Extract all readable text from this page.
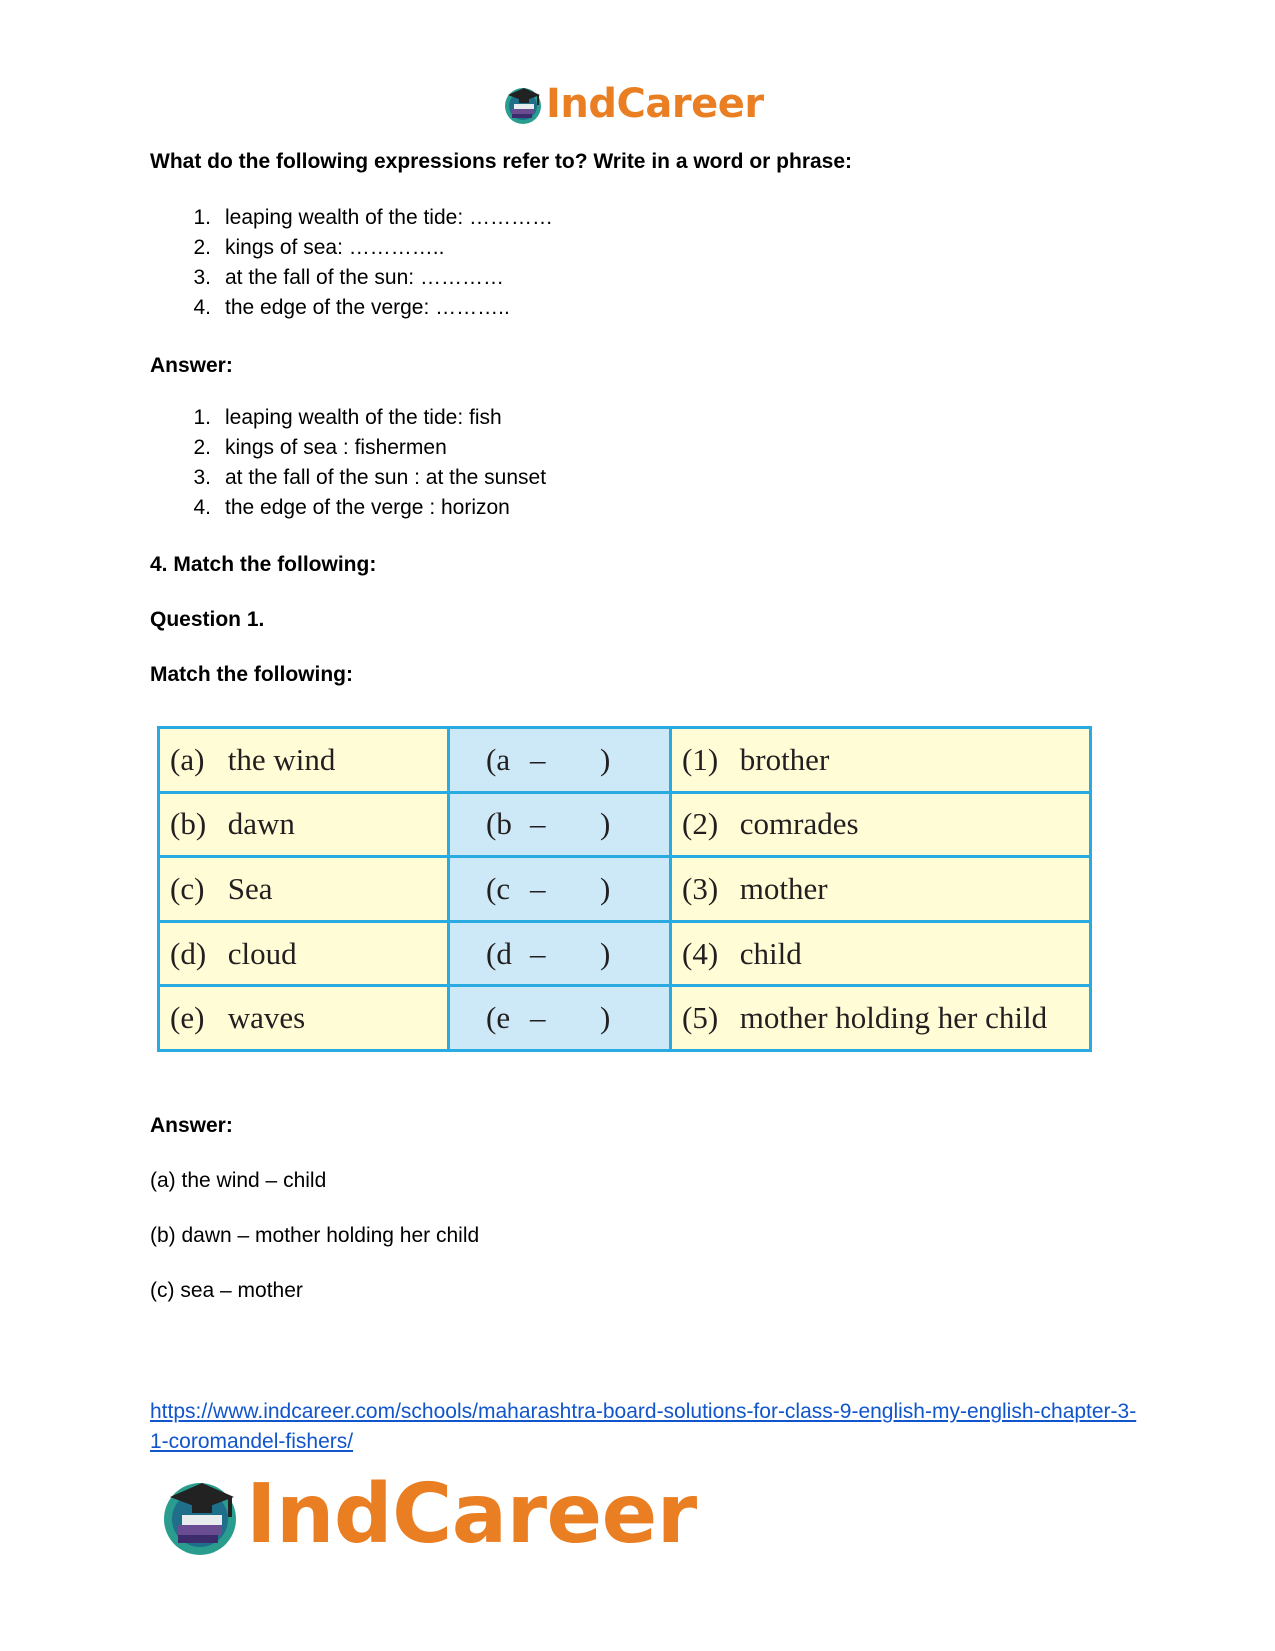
IndCareer
What do the following expressions refer to? Write in a word or phrase:
1. leaping wealth of the tide: …………
2. kings of sea: …………..
3. at the fall of the sun: …………
4. the edge of the verge: ………..
Answer:
1. leaping wealth of the tide: fish
2. kings of sea : fishermen
3. at the fall of the sun : at the sunset
4. the edge of the verge : horizon
4. Match the following:
Question 1.
Match the following:
(a) the wind	(a – )	(1) brother
(b) dawn	(b – )	(2) comrades
(c) Sea	(c – )	(3) mother
(d) cloud	(d – )	(4) child
(e) waves	(e – )	(5) mother holding her child
Answer:
(a) the wind – child
(b) dawn – mother holding her child
(c) sea – mother
https://www.indcareer.com/schools/maharashtra-board-solutions-for-class-9-english-my-english-chapter-3-1-coromandel-fishers/
IndCareer
